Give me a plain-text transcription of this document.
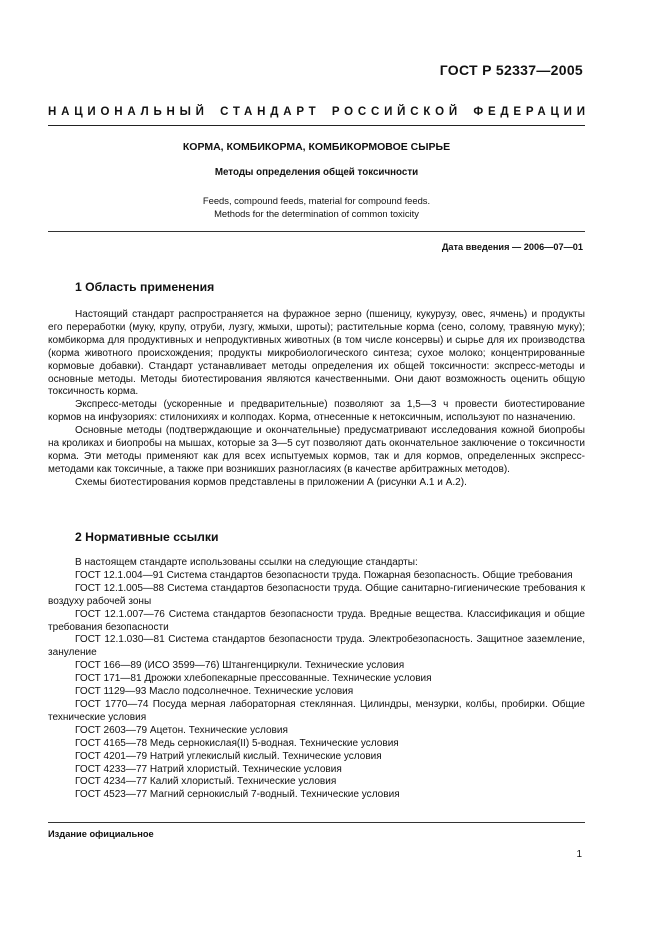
ГОСТ Р 52337—2005
НАЦИОНАЛЬНЫЙ СТАНДАРТ РОССИЙСКОЙ ФЕДЕРАЦИИ
КОРМА, КОМБИКОРМА, КОМБИКОРМОВОЕ СЫРЬЕ
Методы определения общей токсичности
Feeds, compound feeds, material for compound feeds.
Methods for the determination of common toxicity
Дата введения — 2006—07—01
1 Область применения

Настоящий стандарт распространяется на фуражное зерно (пшеницу, кукурузу, овес, ячмень) и продукты его переработки (муку, крупу, отруби, лузгу, жмыхи, шроты); растительные корма (сено, солому, травяную муку); комбикорма для продуктивных и непродуктивных животных (в том числе консервы) и сырье для их производства (корма животного происхождения; продукты микробиологического синтеза; сухое молоко; концентрированные кормовые добавки). Стандарт устанавливает методы определения их общей токсичности: экспресс-методы и основные методы. Методы биотестирования являются качественными. Они дают возможность оценить общую токсичность корма.

Экспресс-методы (ускоренные и предварительные) позволяют за 1,5—3 ч провести биотестирование кормов на инфузориях: стилонихиях и колподах. Корма, отнесенные к нетоксичным, используют по назначению.

Основные методы (подтверждающие и окончательные) предусматривают исследования кожной биопробы на кроликах и биопробы на мышах, которые за 3—5 сут позволяют дать окончательное заключение о токсичности корма. Эти методы применяют как для всех испытуемых кормов, так и для кормов, определенных экспресс-методами как токсичные, а также при возникших разногласиях (в качестве арбитражных методов).

Схемы биотестирования кормов представлены в приложении А (рисунки А.1 и А.2).

2 Нормативные ссылки

В настоящем стандарте использованы ссылки на следующие стандарты:

ГОСТ 12.1.004—91 Система стандартов безопасности труда. Пожарная безопасность. Общие требования

ГОСТ 12.1.005—88 Система стандартов безопасности труда. Общие санитарно-гигиенические требования к воздуху рабочей зоны

ГОСТ 12.1.007—76 Система стандартов безопасности труда. Вредные вещества. Классификация и общие требования безопасности

ГОСТ 12.1.030—81 Система стандартов безопасности труда. Электробезопасность. Защитное заземление, зануление

ГОСТ 166—89 (ИСО 3599—76) Штангенциркули. Технические условия

ГОСТ 171—81 Дрожжи хлебопекарные прессованные. Технические условия

ГОСТ 1129—93 Масло подсолнечное. Технические условия

ГОСТ 1770—74 Посуда мерная лабораторная стеклянная. Цилиндры, мензурки, колбы, пробирки. Общие технические условия

ГОСТ 2603—79 Ацетон. Технические условия

ГОСТ 4165—78 Медь сернокислая(II) 5-водная. Технические условия

ГОСТ 4201—79 Натрий углекислый кислый. Технические условия

ГОСТ 4233—77 Натрий хлористый. Технические условия

ГОСТ 4234—77 Калий хлористый. Технические условия

ГОСТ 4523—77 Магний сернокислый 7-водный. Технические условия

Издание официальное
1
